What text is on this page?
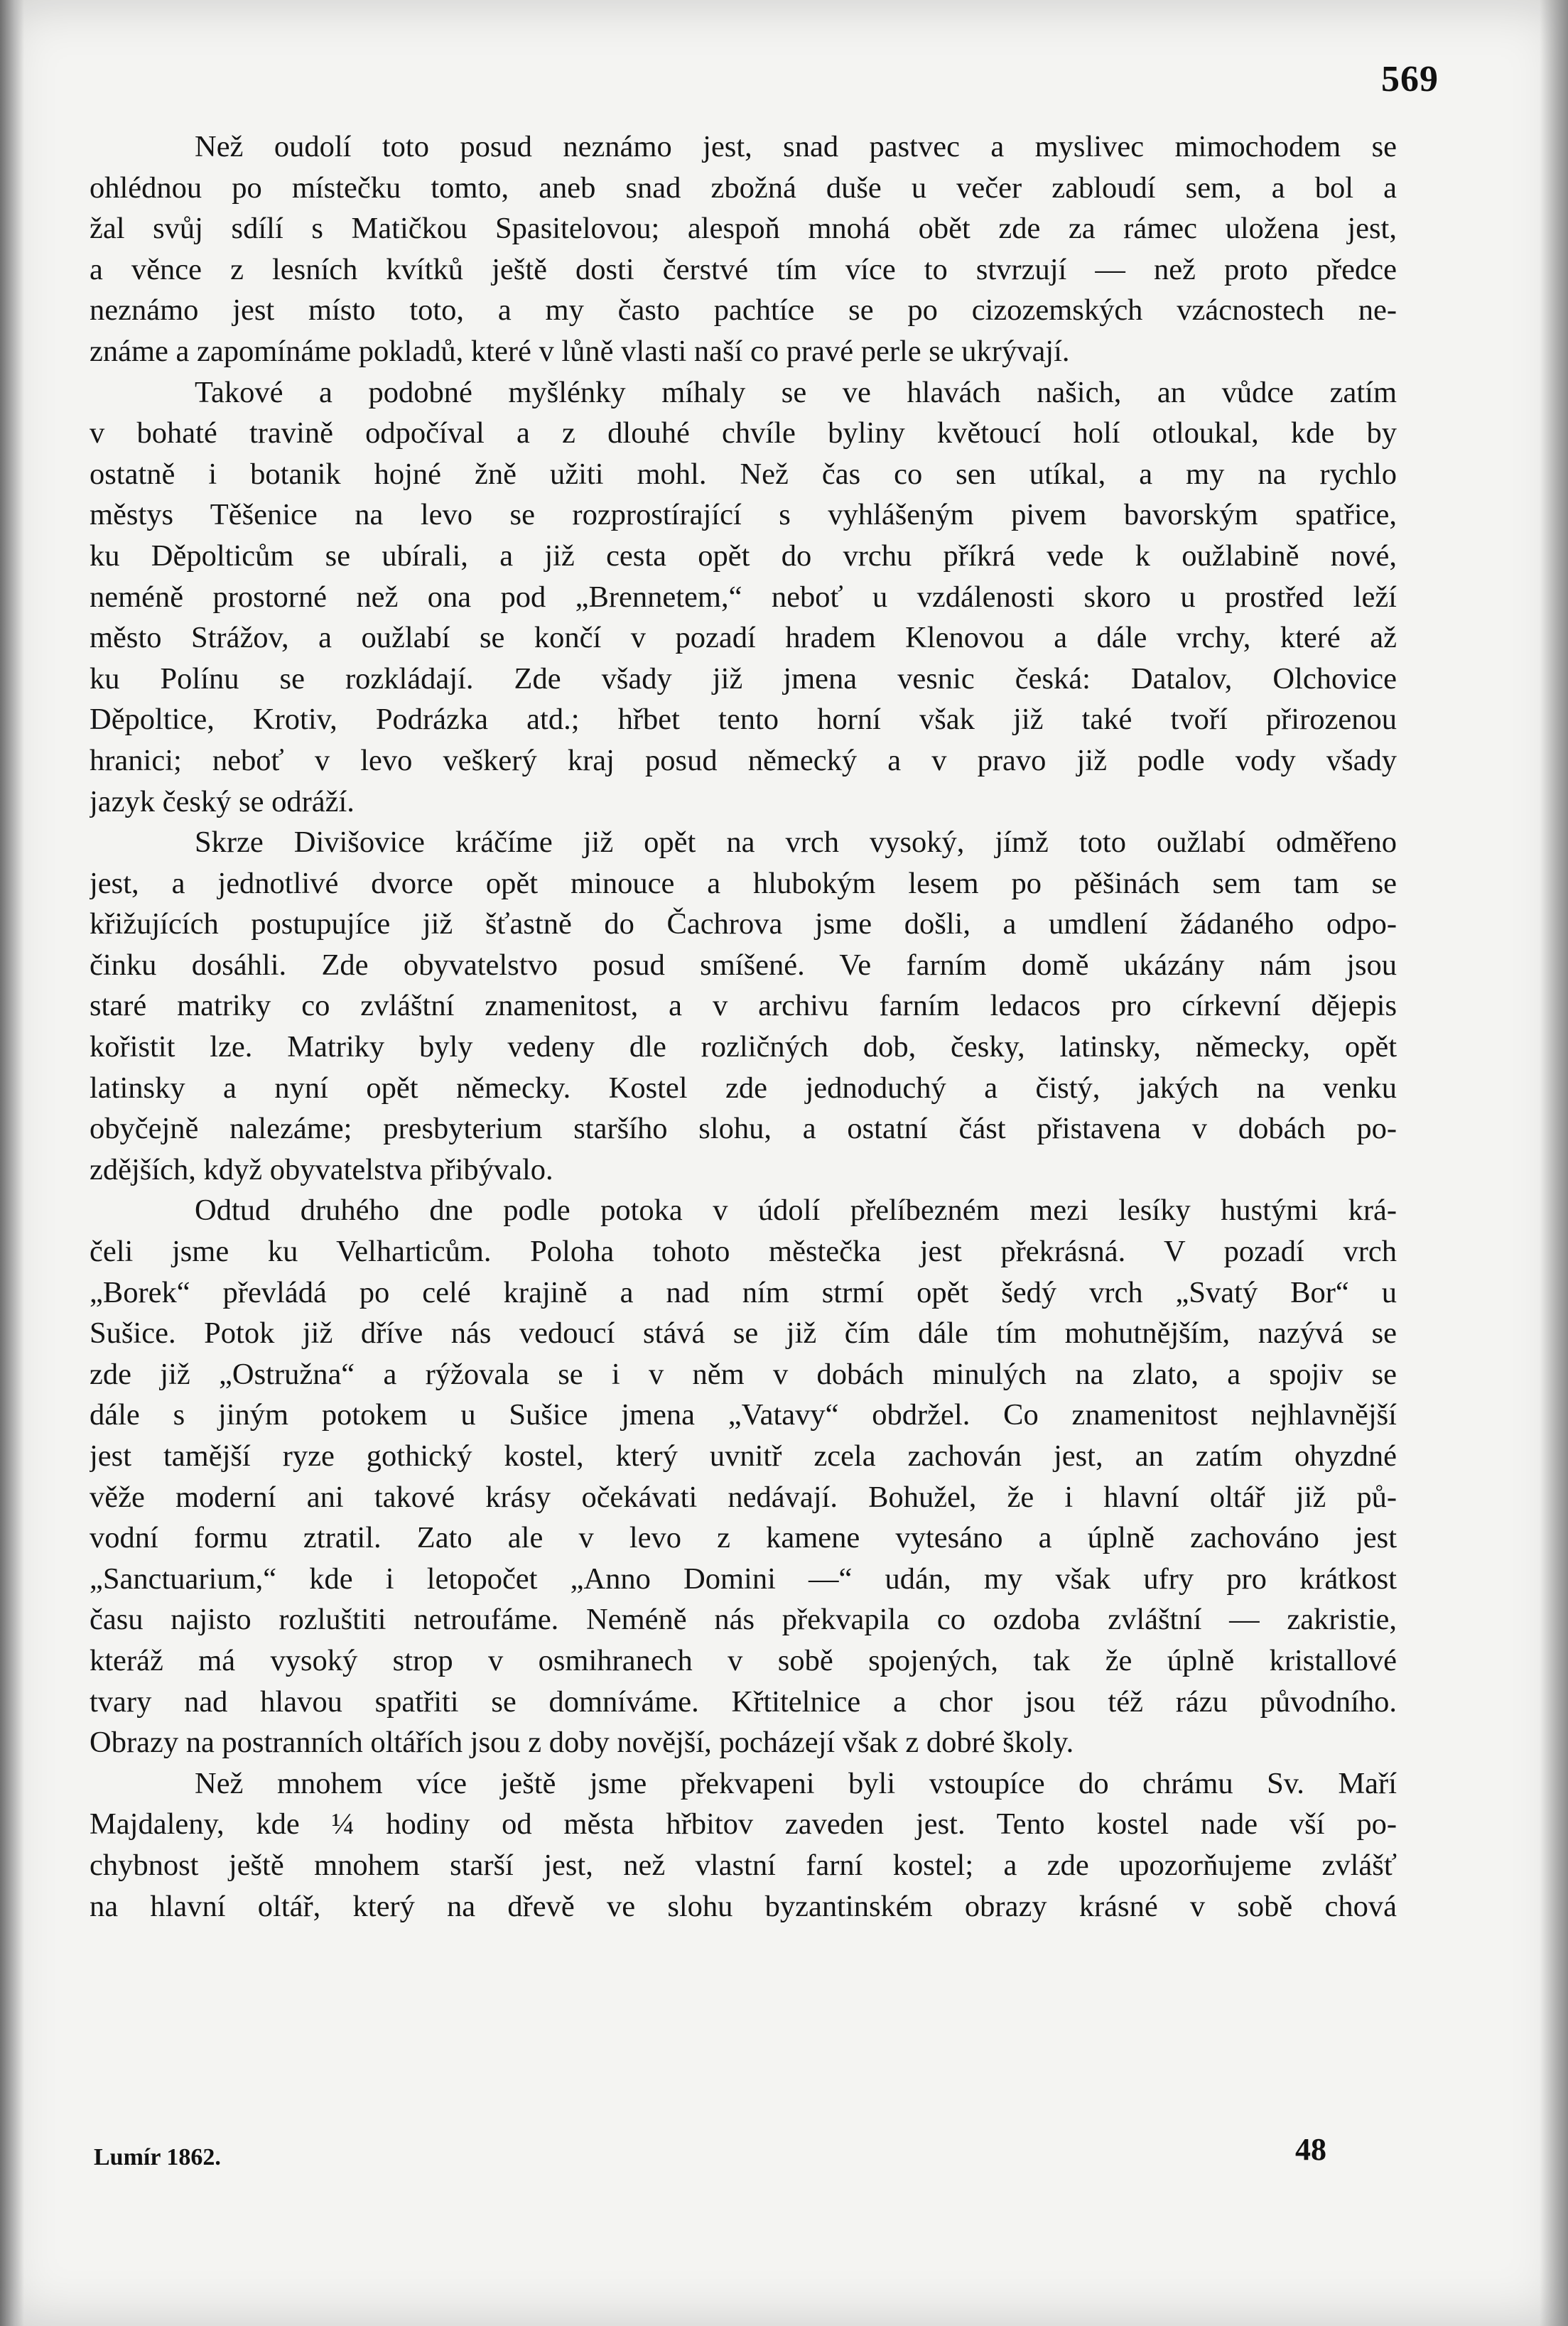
569
Než oudolí toto posud neznámo jest, snad pastvec a myslivec mimochodem se
ohlédnou po místečku tomto, aneb snad zbožná duše u večer zabloudí sem, a bol a
žal svůj sdílí s Matičkou Spasitelovou; alespoň mnohá obět zde za rámec uložena jest,
a věnce z lesních kvítků ještě dosti čerstvé tím více to stvrzují — než proto předce
neznámo jest místo toto, a my často pachtíce se po cizozemských vzácnostech ne-
známe a zapomínáme pokladů, které v lůně vlasti naší co pravé perle se ukrývají.
Takové a podobné myšlénky míhaly se ve hlavách našich, an vůdce zatím
v bohaté travině odpočíval a z dlouhé chvíle byliny květoucí holí otloukal, kde by
ostatně i botanik hojné žně užiti mohl. Než čas co sen utíkal, a my na rychlo
městys Těšenice na levo se rozprostírající s vyhlášeným pivem bavorským spatřice,
ku Děpolticům se ubírali, a již cesta opět do vrchu příkrá vede k oužlabině nové,
neméně prostorné než ona pod „Brennetem,“ neboť u vzdálenosti skoro u prostřed leží
město Strážov, a oužlabí se končí v pozadí hradem Klenovou a dále vrchy, které až
ku Polínu se rozkládají. Zde všady již jmena vesnic česká: Datalov, Olchovice
Děpoltice, Krotiv, Podrázka atd.; hřbet tento horní však již také tvoří přirozenou
hranici; neboť v levo veškerý kraj posud německý a v pravo již podle vody všady
jazyk český se odráží.
Skrze Divišovice kráčíme již opět na vrch vysoký, jímž toto oužlabí odměřeno
jest, a jednotlivé dvorce opět minouce a hlubokým lesem po pěšinách sem tam se
křižujících postupujíce již šťastně do Čachrova jsme došli, a umdlení žádaného odpo-
činku dosáhli. Zde obyvatelstvo posud smíšené. Ve farním domě ukázány nám jsou
staré matriky co zvláštní znamenitost, a v archivu farním ledacos pro církevní dějepis
kořistit lze. Matriky byly vedeny dle rozličných dob, česky, latinsky, německy, opět
latinsky a nyní opět německy. Kostel zde jednoduchý a čistý, jakých na venku
obyčejně nalezáme; presbyterium staršího slohu, a ostatní část přistavena v dobách po-
zdějších, když obyvatelstva přibývalo.
Odtud druhého dne podle potoka v údolí přelíbezném mezi lesíky hustými krá-
čeli jsme ku Velharticům. Poloha tohoto městečka jest překrásná. V pozadí vrch
„Borek“ převládá po celé krajině a nad ním strmí opět šedý vrch „Svatý Bor“ u
Sušice. Potok již dříve nás vedoucí stává se již čím dále tím mohutnějším, nazývá se
zde již „Ostružna“ a rýžovala se i v něm v dobách minulých na zlato, a spojiv se
dále s jiným potokem u Sušice jmena „Vatavy“ obdržel. Co znamenitost nejhlavnější
jest tamější ryze gothický kostel, který uvnitř zcela zachován jest, an zatím ohyzdné
věže moderní ani takové krásy očekávati nedávají. Bohužel, že i hlavní oltář již pů-
vodní formu ztratil. Zato ale v levo z kamene vytesáno a úplně zachováno jest
„Sanctuarium,“ kde i letopočet „Anno Domini —“ udán, my však ufry pro krátkost
času najisto rozluštiti netroufáme. Neméně nás překvapila co ozdoba zvláštní — zakristie,
kteráž má vysoký strop v osmihranech v sobě spojených, tak že úplně kristallové
tvary nad hlavou spatřiti se domníváme. Křtitelnice a chor jsou též rázu původního.
Obrazy na postranních oltářích jsou z doby novější, pocházejí však z dobré školy.
Než mnohem více ještě jsme překvapeni byli vstoupíce do chrámu Sv. Maří
Majdaleny, kde ¼ hodiny od města hřbitov zaveden jest. Tento kostel nade vší po-
chybnost ještě mnohem starší jest, než vlastní farní kostel; a zde upozorňujeme zvlášť
na hlavní oltář, který na dřevě ve slohu byzantinském obrazy krásné v sobě chová
Lumír 1862.	48
